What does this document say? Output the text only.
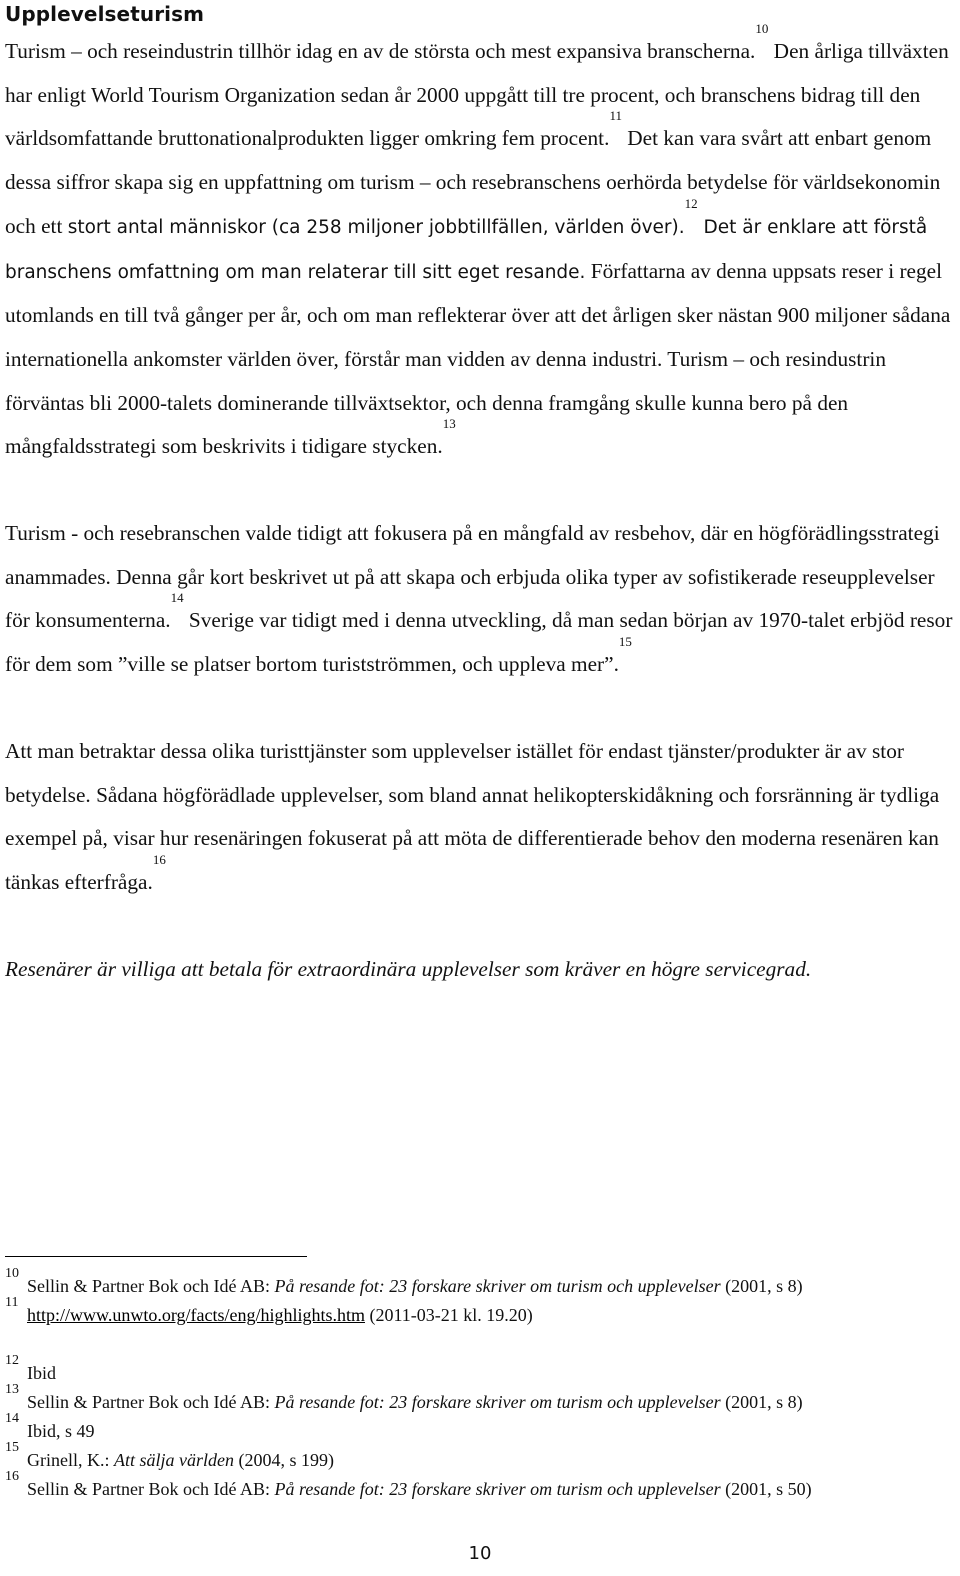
Upplevelseturism

Turism – och reseindustrin tillhör idag en av de största och mest expansiva branscherna.$^{10}$ Den årliga tillväxten har enligt World Tourism Organization sedan år 2000 uppgått till tre procent, och branschens bidrag till den världsomfattande bruttonationalprodukten ligger omkring fem procent.$^{11}$ Det kan vara svårt att enbart genom dessa siffror skapa sig en uppfattning om turism – och resebranschens oerhörda betydelse för världsekonomin och ett stort antal människor (ca 258 miljoner jobbtillfällen, världen över).$^{12}$ Det är enklare att förstå branschens omfattning om man relaterar till sitt eget resande. Författarna av denna uppsats reser i regel utomlands en till två gånger per år, och om man reflekterar över att det årligen sker nästan 900 miljoner sådana internationella ankomster världen över, förstår man vidden av denna industri. Turism – och resindustrin förväntas bli 2000-talets dominerande tillväxtsektor, och denna framgång skulle kunna bero på den mångfaldsstrategi som beskrivits i tidigare stycken.$^{13}$

Turism - och resebranschen valde tidigt att fokusera på en mångfald av resbehov, där en högförädlingsstrategi anammades. Denna går kort beskrivet ut på att skapa och erbjuda olika typer av sofistikerade reseupplevelser för konsumenterna.$^{14}$ Sverige var tidigt med i denna utveckling, då man sedan början av 1970-talet erbjöd resor för dem som ”ville se platser bortom turistströmmen, och uppleva mer”.$^{15}$

Att man betraktar dessa olika turisttjänster som upplevelser istället för endast tjänster/produkter är av stor betydelse. Sådana högförädlade upplevelser, som bland annat helikopterskidåkning och forsränning är tydliga exempel på, visar hur resenäringen fokuserat på att möta de differentierade behov den moderna resenären kan tänkas efterfråga.$^{16}$

Resenärer är villiga att betala för extraordinära upplevelser som kräver en högre servicegrad.

10
Sellin & Partner Bok och Idé AB: På resande fot: 23 forskare skriver om turism och upplevelser (2001, s 8)
11
http://www.unwto.org/facts/eng/highlights.htm (2011-03-21 kl. 19.20)
12
Ibid
13
Sellin & Partner Bok och Idé AB: På resande fot: 23 forskare skriver om turism och upplevelser (2001, s 8)
14
Ibid, s 49
15
Grinell, K.: Att sälja världen (2004, s 199)
16
Sellin & Partner Bok och Idé AB: På resande fot: 23 forskare skriver om turism och upplevelser (2001, s 50)
10
